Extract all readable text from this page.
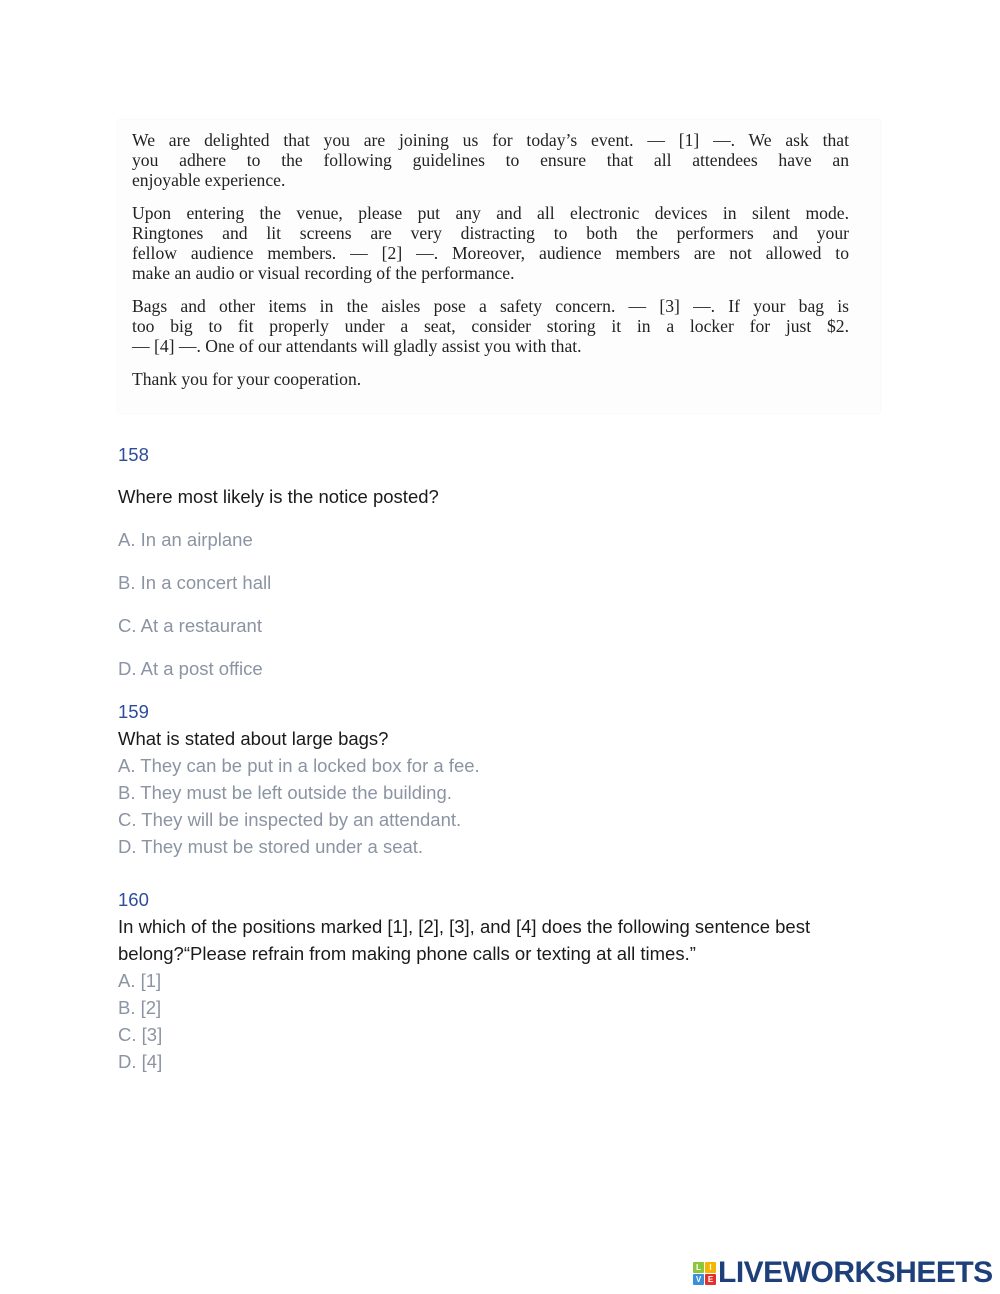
We are delighted that you are joining us for today’s event. — [1] —. We ask that
you adhere to the following guidelines to ensure that all attendees have an
enjoyable experience.

Upon entering the venue, please put any and all electronic devices in silent mode.
Ringtones and lit screens are very distracting to both the performers and your
fellow audience members. — [2] —. Moreover, audience members are not allowed to
make an audio or visual recording of the performance.

Bags and other items in the aisles pose a safety concern. — [3] —. If your bag is
too big to fit properly under a seat, consider storing it in a locker for just $2.
— [4] —. One of our attendants will gladly assist you with that.

Thank you for your cooperation.

158
Where most likely is the notice posted?
A. In an airplane
B. In a concert hall
C. At a restaurant
D. At a post office
159
What is stated about large bags?
A. They can be put in a locked box for a fee.
B. They must be left outside the building.
C. They will be inspected by an attendant.
D. They must be stored under a seat.
160
In which of the positions marked [1], [2], [3], and [4] does the following sentence best
belong?“Please refrain from making phone calls or texting at all times.”
A. [1]
B. [2]
C. [3]
D. [4]
L	I
V E LIVEWORKSHEETS
